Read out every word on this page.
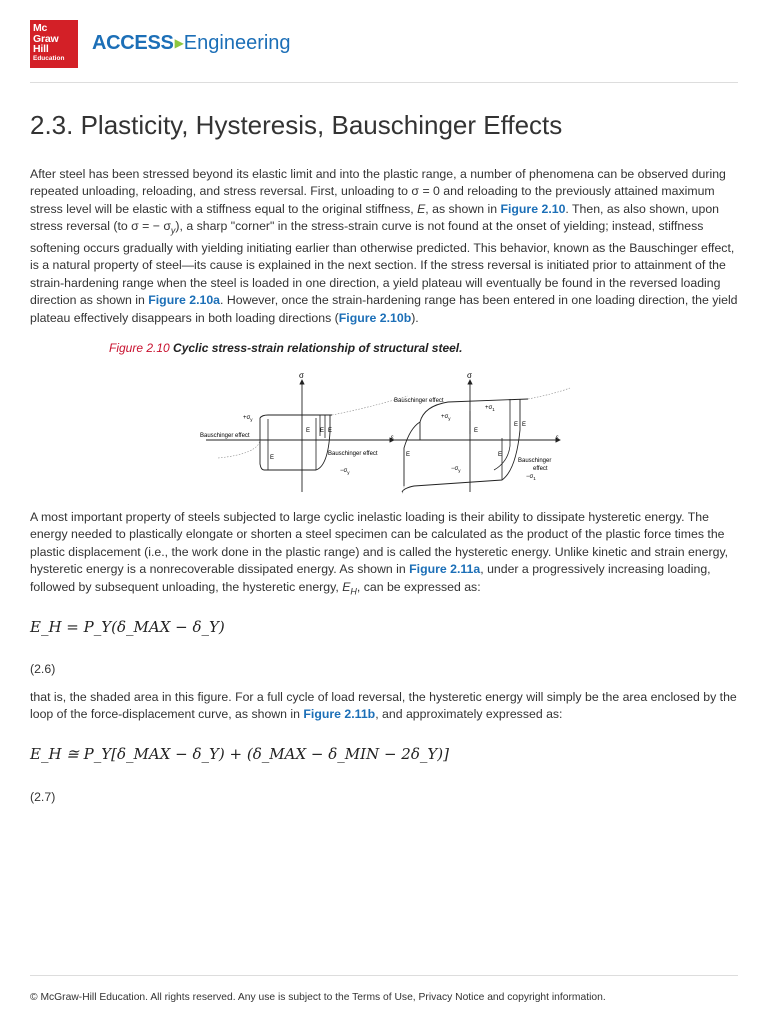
Mc
Graw
Hill
Education
ACCESS▶Engineering
2.3. Plasticity, Hysteresis, Bauschinger Effects

After steel has been stressed beyond its elastic limit and into the plastic range, a number of phenomena can be observed during repeated unloading, reloading, and stress reversal. First, unloading to σ = 0 and reloading to the previously attained maximum stress level will be elastic with a stiffness equal to the original stiffness, E, as shown in Figure 2.10. Then, as also shown, upon stress reversal (to σ = − $\sigma_y$), a sharp "corner" in the stress-strain curve is not found at the onset of yielding; instead, stiffness softening occurs gradually with yielding initiating earlier than otherwise predicted. This behavior, known as the Bauschinger effect, is a natural property of steel—its cause is explained in the next section. If the stress reversal is initiated prior to attainment of the strain-hardening range when the steel is loaded in one direction, a yield plateau will eventually be found in the reversed loading direction as shown in Figure 2.10a. However, once the strain-hardening range has been entered in one loading direction, the yield plateau effectively disappears in both loading directions (Figure 2.10b).

Figure 2.10 Cyclic stress-strain relationship of structural steel.
σ
ε
$+\sigma_y$
Bauschinger effect
E E E
E
Bauschinger effect
$-\sigma_y$
σ
ε
Bauschinger effect
$+\sigma_1$
$+\sigma_y$
E
E E
E	E
$-\sigma_y$
Bauschinger
effect
$-\sigma_1$

A most important property of steels subjected to large cyclic inelastic loading is their ability to dissipate hysteretic energy. The energy needed to plastically elongate or shorten a steel specimen can be calculated as the product of the plastic force times the plastic displacement (i.e., the work done in the plastic range) and is called the hysteretic energy. Unlike kinetic and strain energy, hysteretic energy is a nonrecoverable dissipated energy. As shown in Figure 2.11a, under a progressively increasing loading, followed by subsequent unloading, the hysteretic energy, $E_H$, can be expressed as:

E_H = P_Y(δ_MAX − δ_Y)
(2.6)

that is, the shaded area in this figure. For a full cycle of load reversal, the hysteretic energy will simply be the area enclosed by the loop of the force-displacement curve, as shown in Figure 2.11b, and approximately expressed as:

E_H ≅ P_Y[δ_MAX − δ_Y) + (δ_MAX − δ_MIN − 2δ_Y)]
(2.7)
© McGraw-Hill Education. All rights reserved. Any use is subject to the Terms of Use, Privacy Notice and copyright information.
